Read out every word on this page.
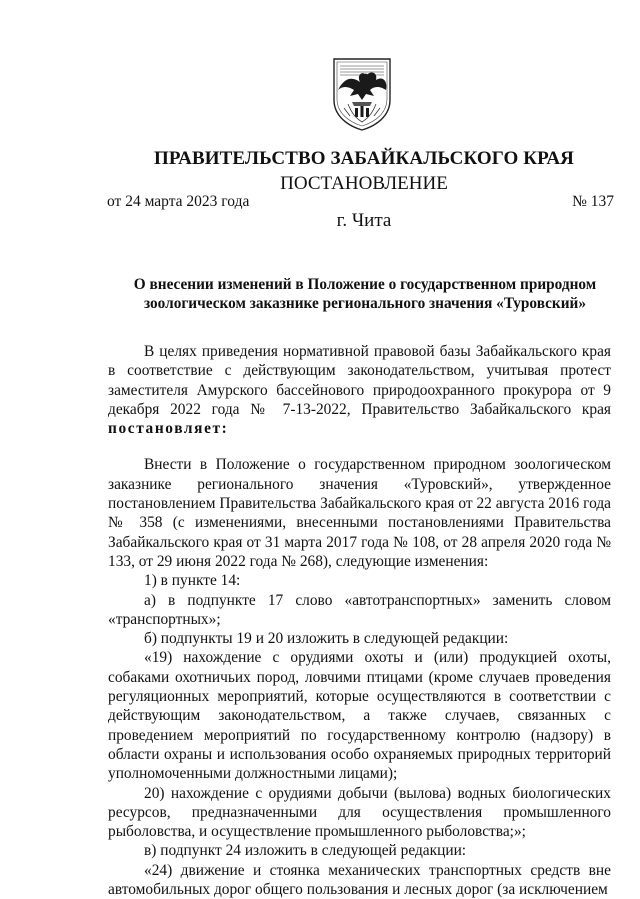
ПРАВИТЕЛЬСТВО ЗАБАЙКАЛЬСКОГО КРАЯ
ПОСТАНОВЛЕНИЕ
от 24 марта 2023 года	№ 137
г. Чита
О внесении изменений в Положение о государственном природном зоологическом заказнике регионального значения «Туровский»

В целях приведения нормативной правовой базы Забайкальского края в соответствие с действующим законодательством, учитывая протест заместителя Амурского бассейнового природоохранного прокурора от 9 декабря 2022 года № 7-13-2022, Правительство Забайкальского края постановляет:

Внести в Положение о государственном природном зоологическом заказнике регионального значения «Туровский», утвержденное постановлением Правительства Забайкальского края от 22 августа 2016 года № 358 (с изменениями, внесенными постановлениями Правительства Забайкальского края от 31 марта 2017 года № 108, от 28 апреля 2020 года № 133, от 29 июня 2022 года № 268), следующие изменения:

1) в пункте 14:

а) в подпункте 17 слово «автотранспортных» заменить словом «транспортных»;

б) подпункты 19 и 20 изложить в следующей редакции:

«19) нахождение с орудиями охоты и (или) продукцией охоты, собаками охотничьих пород, ловчими птицами (кроме случаев проведения регуляционных мероприятий, которые осуществляются в соответствии с действующим законодательством, а также случаев, связанных с проведением мероприятий по государственному контролю (надзору) в области охраны и использования особо охраняемых природных территорий уполномоченными должностными лицами);

20) нахождение с орудиями добычи (вылова) водных биологических ресурсов, предназначенными для осуществления промышленного рыболовства, и осуществление промышленного рыболовства;»;

в) подпункт 24 изложить в следующей редакции:

«24) движение и стоянка механических транспортных средств вне автомобильных дорог общего пользования и лесных дорог (за исключением
